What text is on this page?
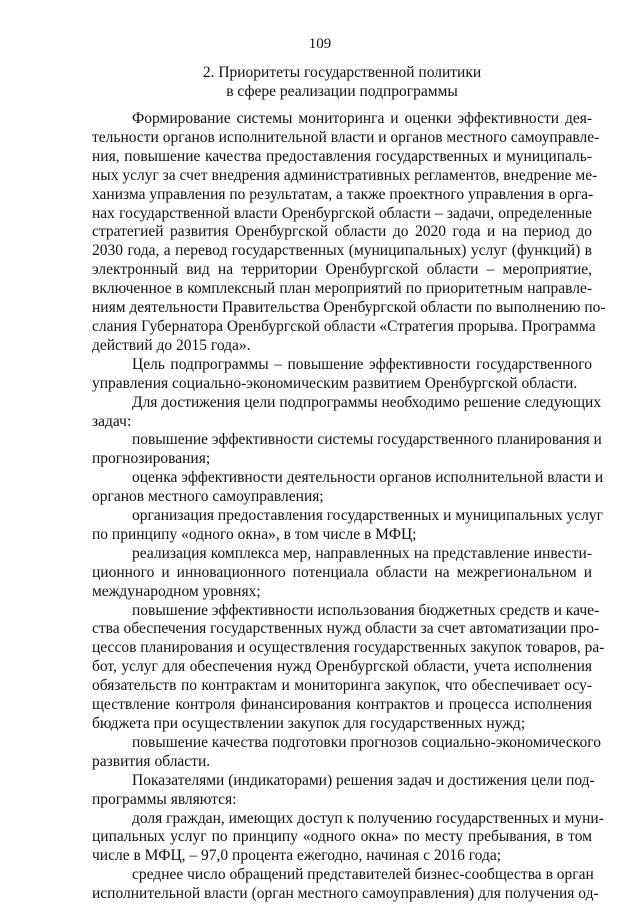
109
2. Приоритеты государственной политики
в сфере реализации подпрограммы

Формирование системы мониторинга и оценки эффективности дея-

тельности органов исполнительной власти и органов местного самоуправле-

ния, повышение качества предоставления государственных и муниципаль-

ных услуг за счет внедрения административных регламентов, внедрение ме-

ханизма управления по результатам, а также проектного управления в орга-

нах государственной власти Оренбургской области – задачи, определенные

стратегией развития Оренбургской области до 2020 года и на период до

2030 года, а перевод государственных (муниципальных) услуг (функций) в

электронный вид на территории Оренбургской области – мероприятие,

включенное в комплексный план мероприятий по приоритетным направле-

ниям деятельности Правительства Оренбургской области по выполнению по-

слания Губернатора Оренбургской области «Стратегия прорыва. Программа

действий до 2015 года».

Цель подпрограммы – повышение эффективности государственного

управления социально-экономическим развитием Оренбургской области.

Для достижения цели подпрограммы необходимо решение следующих

задач:

повышение эффективности системы государственного планирования и

прогнозирования;

оценка эффективности деятельности органов исполнительной власти и

органов местного самоуправления;

организация предоставления государственных и муниципальных услуг

по принципу «одного окна», в том числе в МФЦ;

реализация комплекса мер, направленных на представление инвести-

ционного и инновационного потенциала области на межрегиональном и

международном уровнях;

повышение эффективности использования бюджетных средств и каче-

ства обеспечения государственных нужд области за счет автоматизации про-

цессов планирования и осуществления государственных закупок товаров, ра-

бот, услуг для обеспечения нужд Оренбургской области, учета исполнения

обязательств по контрактам и мониторинга закупок, что обеспечивает осу-

ществление контроля финансирования контрактов и процесса исполнения

бюджета при осуществлении закупок для государственных нужд;

повышение качества подготовки прогнозов социально-экономического

развития области.

Показателями (индикаторами) решения задач и достижения цели под-

программы являются:

доля граждан, имеющих доступ к получению государственных и муни-

ципальных услуг по принципу «одного окна» по месту пребывания, в том

числе в МФЦ, – 97,0 процента ежегодно, начиная с 2016 года;

среднее число обращений представителей бизнес-сообщества в орган

исполнительной власти (орган местного самоуправления) для получения од-
